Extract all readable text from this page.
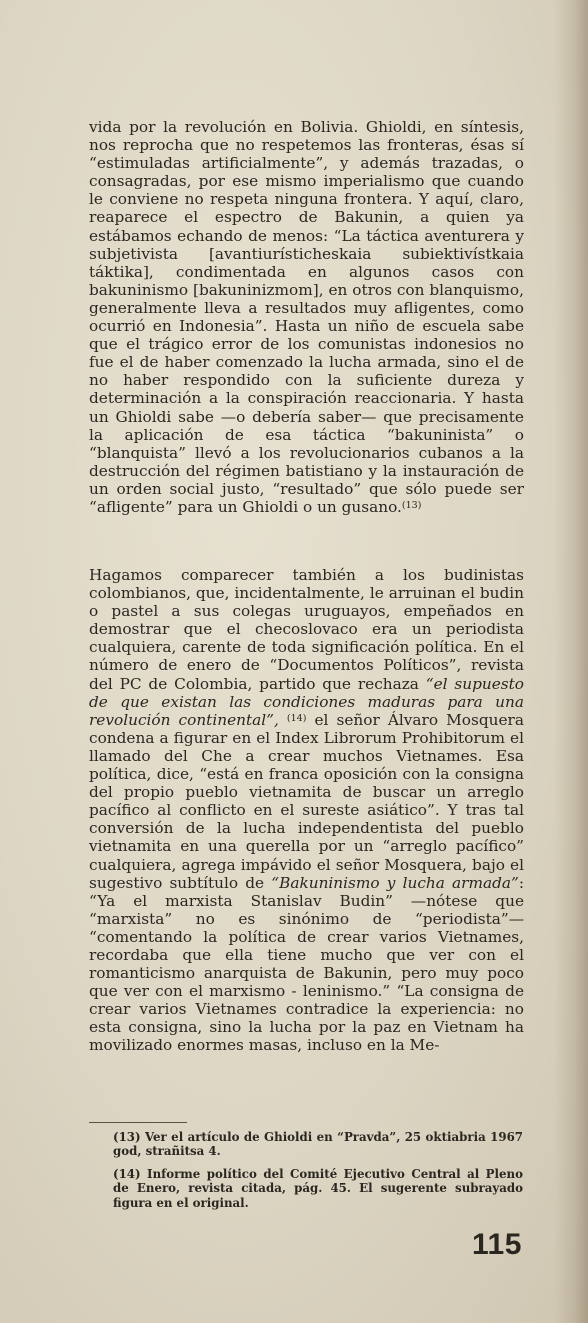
vida por la revolución en Bolivia. Ghioldi, en síntesis, nos reprocha que no respetemos las fronteras, ésas sí “estimuladas artificialmente”, y además trazadas, o consagradas, por ese mismo imperialismo que cuando le conviene no respeta ninguna frontera. Y aquí, claro, reaparece el espectro de Bakunin, a quien ya estábamos echando de menos: “La táctica aventurera y subjetivista [avantiurísticheskaia subiektivístkaia táktika], condimentada en algunos casos con bakuninismo [bakuninizmom], en otros con blanquismo, generalmente lleva a resultados muy afligentes, como ocurrió en Indonesia”. Hasta un niño de escuela sabe que el trágico error de los comunistas indonesios no fue el de haber comenzado la lucha armada, sino el de no haber respondido con la suficiente dureza y determinación a la conspiración reaccionaria. Y hasta un Ghioldi sabe —o debería saber— que precisamente la aplicación de esa táctica “bakuninista” o “blanquista” llevó a los revolucionarios cubanos a la destrucción del régimen batistiano y la instauración de un orden social justo, “resultado” que sólo puede ser “afligente” para un Ghioldi o un gusano.$^{(13)}$

Hagamos comparecer también a los budinistas colombianos, que, incidentalmente, le arruinan el budin o pastel a sus colegas uruguayos, empeñados en demostrar que el checoslovaco era un periodista cualquiera, carente de toda significación política. En el número de enero de “Documentos Políticos”, revista del PC de Colombia, partido que rechaza “el supuesto de que existan las condiciones maduras para una revolución continental”, $^{(14)}$ el señor Álvaro Mosquera condena a figurar en el Index Librorum Prohibitorum el llamado del Che a crear muchos Vietnames. Esa política, dice, “está en franca oposición con la consigna del propio pueblo vietnamita de buscar un arreglo pacífico al conflicto en el sureste asiático”. Y tras tal conversión de la lucha independentista del pueblo vietnamita en una querella por un “arreglo pacífico” cualquiera, agrega impávido el señor Mosquera, bajo el sugestivo subtítulo de “Bakuninismo y lucha armada”: “Ya el marxista Stanislav Budin” —nótese que “marxista” no es sinónimo de “periodista”— “comentando la política de crear varios Vietnames, recordaba que ella tiene mucho que ver con el romanticismo anarquista de Bakunin, pero muy poco que ver con el marxismo - leninismo.” “La consigna de crear varios Vietnames contradice la experiencia: no esta consigna, sino la lucha por la paz en Vietnam ha movilizado enormes masas, incluso en la Me-

(13) Ver el artículo de Ghioldi en “Pravda”, 25 oktiabria 1967 god, strañitsa 4.
(14) Informe político del Comité Ejecutivo Central al Pleno de Enero, revista citada, pág. 45. El sugerente subrayado figura en el original.
115
